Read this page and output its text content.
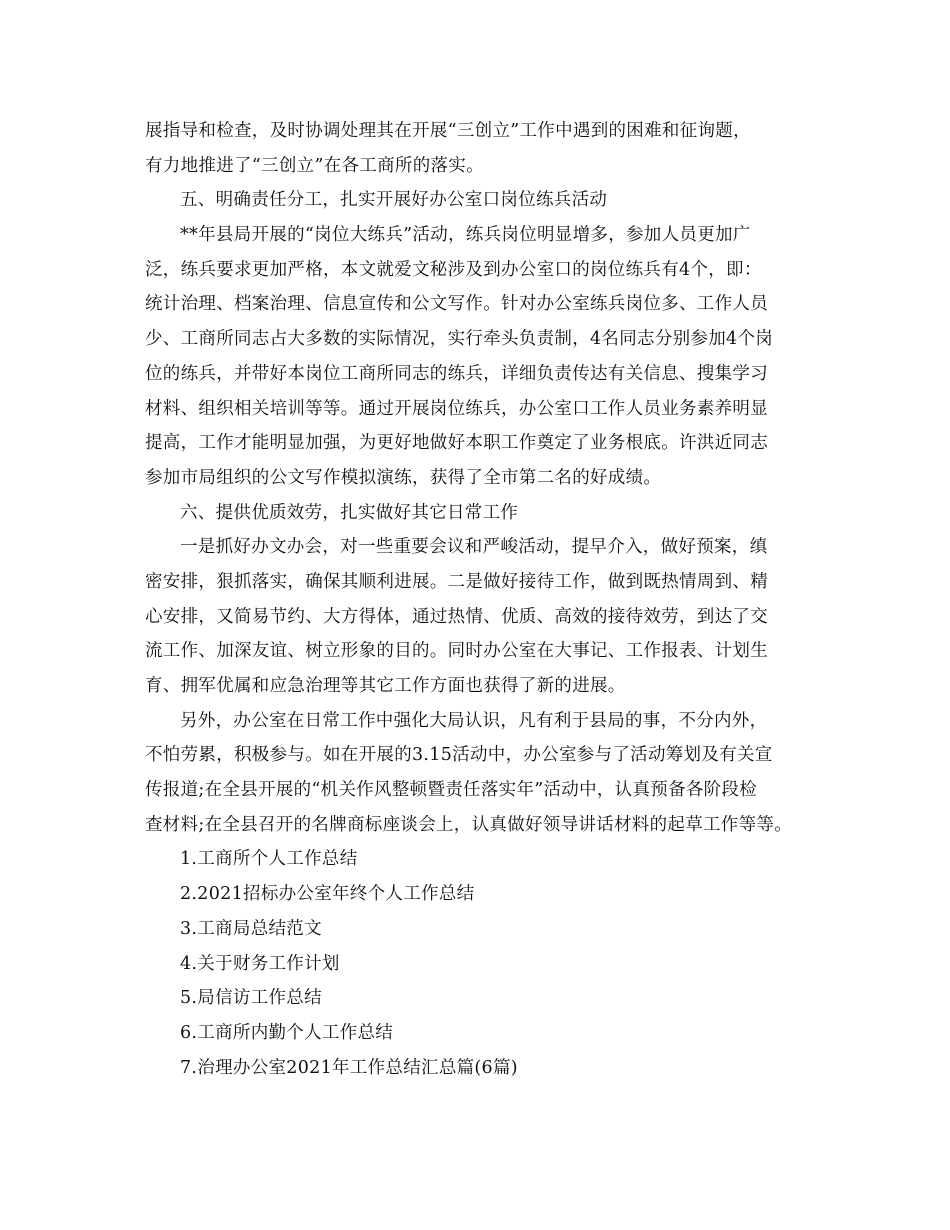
展指导和检查，及时协调处理其在开展“三创立”工作中遇到的困难和征询题，
有力地推进了“三创立”在各工商所的落实。
五、明确责任分工，扎实开展好办公室口岗位练兵活动
**年县局开展的“岗位大练兵”活动，练兵岗位明显增多，参加人员更加广
泛，练兵要求更加严格，本文就爱文秘涉及到办公室口的岗位练兵有4个，即：
统计治理、档案治理、信息宣传和公文写作。针对办公室练兵岗位多、工作人员
少、工商所同志占大多数的实际情况，实行牵头负责制，4名同志分别参加4个岗
位的练兵，并带好本岗位工商所同志的练兵，详细负责传达有关信息、搜集学习
材料、组织相关培训等等。通过开展岗位练兵，办公室口工作人员业务素养明显
提高，工作才能明显加强，为更好地做好本职工作奠定了业务根底。许洪近同志
参加市局组织的公文写作模拟演练，获得了全市第二名的好成绩。
六、提供优质效劳，扎实做好其它日常工作
一是抓好办文办会，对一些重要会议和严峻活动，提早介入，做好预案，缜
密安排，狠抓落实，确保其顺利进展。二是做好接待工作，做到既热情周到、精
心安排，又简易节约、大方得体，通过热情、优质、高效的接待效劳，到达了交
流工作、加深友谊、树立形象的目的。同时办公室在大事记、工作报表、计划生
育、拥军优属和应急治理等其它工作方面也获得了新的进展。
另外，办公室在日常工作中强化大局认识，凡有利于县局的事，不分内外，
不怕劳累，积极参与。如在开展的3.15活动中，办公室参与了活动筹划及有关宣
传报道;在全县开展的“机关作风整顿暨责任落实年”活动中，认真预备各阶段检
查材料;在全县召开的名牌商标座谈会上，认真做好领导讲话材料的起草工作等等。
1.工商所个人工作总结
2.2021招标办公室年终个人工作总结
3.工商局总结范文
4.关于财务工作计划
5.局信访工作总结
6.工商所内勤个人工作总结
7.治理办公室2021年工作总结汇总篇(6篇)
